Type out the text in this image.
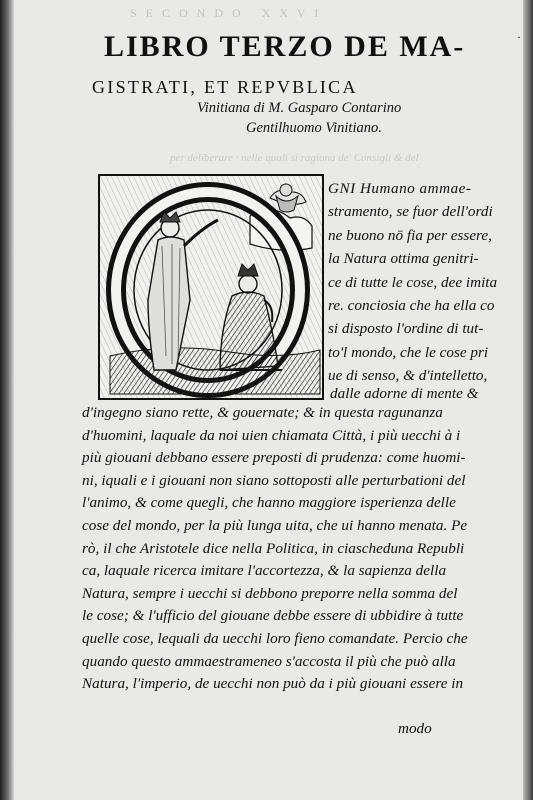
S E C O N D O   X X V I
per deliberare · nelle quali si ragiona de' Consigli & del
LIBRO TERZO DE MA-
GISTRATI, ET REPVBLICA
Vinitiana di M. Gasparo Contarino
Gentilhuomo Vinitiano.
GNI Humano ammae-
stramento, se fuor dell'ordi
ne buono nō fia per essere,
la Natura ottima genitri-
ce di tutte le cose, dee imita
re. conciosia che ha ella co
si disposto l'ordine di tut-
to'l mondo, che le cose pri
ue di senso, & d'intelletto,
dalle adorne di mente &
d'ingegno siano rette, & gouernate; & in questa ragunanza
d'huomini, laquale da noi uien chiamata Città, i più uecchi à i
più giouani debbano essere preposti di prudenza: come huomi-
ni, iquali e i giouani non siano sottoposti alle perturbationi del
l'animo, & come quegli, che hanno maggiore isperienza delle
cose del mondo, per la più lunga uita, che ui hanno menata. Pe
rò, il che Aristotele dice nella Politica, in ciascheduna Republi
ca, laquale ricerca imitare l'accortezza, & la sapienza della
Natura, sempre i uecchi si debbono preporre nella somma del
le cose; & l'ufficio del giouane debbe essere di ubbidire à tutte
quelle cose, lequali da uecchi loro fieno comandate. Percio che
quando questo ammaestrameneo s'accosta il più che può alla
Natura, l'imperio, de uecchi non può da i più giouani essere in
modo
·
